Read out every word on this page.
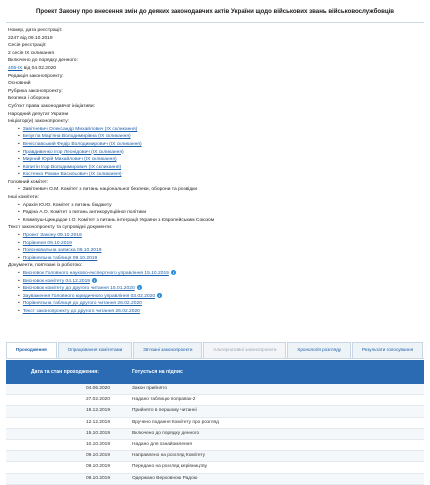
Проект Закону про внесення змін до деяких законодавчих актів України щодо військових звань військовослужбовців
Номер, дата реєстрації:
2247 від 09.10.2019
Сесія реєстрації:
2 сесія IX скликання
Включено до порядку денного:
405-IX від 04.02.2020
Редакція законопроекту:
Основний
Рубрика законопроекту:
Безпека і оборона
Суб'єкт права законодавчої ініціативи:
Народний депутат України
Ініціатор(и) законопроекту:
• Завітневич Олександр Михайлович (IX скликання)
• Безугла Марʼяна Володимирівна (IX скликання)
• Веніславський Федір Володимирович (IX скликання)
• Правдивенко Ігор Леонідович (IX скликання)
• Мирний Юрій Михайлович (IX скликання)
• Копитін Ігор Володимирович (IX скликання)
• Костенко Роман Васильович (IX скликання)
Головний комітет:
• Завітневич О.М. Комітет з питань національної безпеки, оборони та розвідки
Інші комітети:
• Арахія Ю.Ю. Комітет з питань бюджету
• Радіна А.О. Комітет з питань антикорупційної політики
• Климпуш-Цинцадзе І.О. Комітет з питань інтеграції України з Європейським Союзом
Текст законопроекту та супровідні документи:
• Проект Закону 09.10.2019
• Порівняня 09.10.2019
• Пояснювальна записка 09.10.2019
• Порівняльна таблиця 09.10.2019
Документи, пов'язані із роботою:
• Висновок Головного науково-експертного управління 15.10.2019 i
• Висновок комітету 04.12.2019 i
• Висновок комітету до другого читання 15.01.2020 i
• Зауваження Головного юридичного управління 03.02.2020 i
• Порівняльна таблиця до другого читання 26.02.2020
• Текст законопроекту до другого читання 26.02.2020
Проходження	Опрацювання комітетами	Зв'язані законопроекти	Альтернативні законопроекти	Хронологія розгляду	Результати голосування
Дата та стан проходження:	Готується на підпис
04.06.2020	Закон прийнято
27.02.2020	Надано таблицю поправок-2
19.12.2019	Прийнято в першому читанні
12.12.2019	Вручено подання Комітету про розгляд
15.10.2019	Включено до порядку денного
10.10.2019	Надано для ознайомлення
09.10.2019	Направлено на розгляд Комітету
09.10.2019	Передано на розгляд керівництву
09.10.2019	Одержано Верховною Радою
